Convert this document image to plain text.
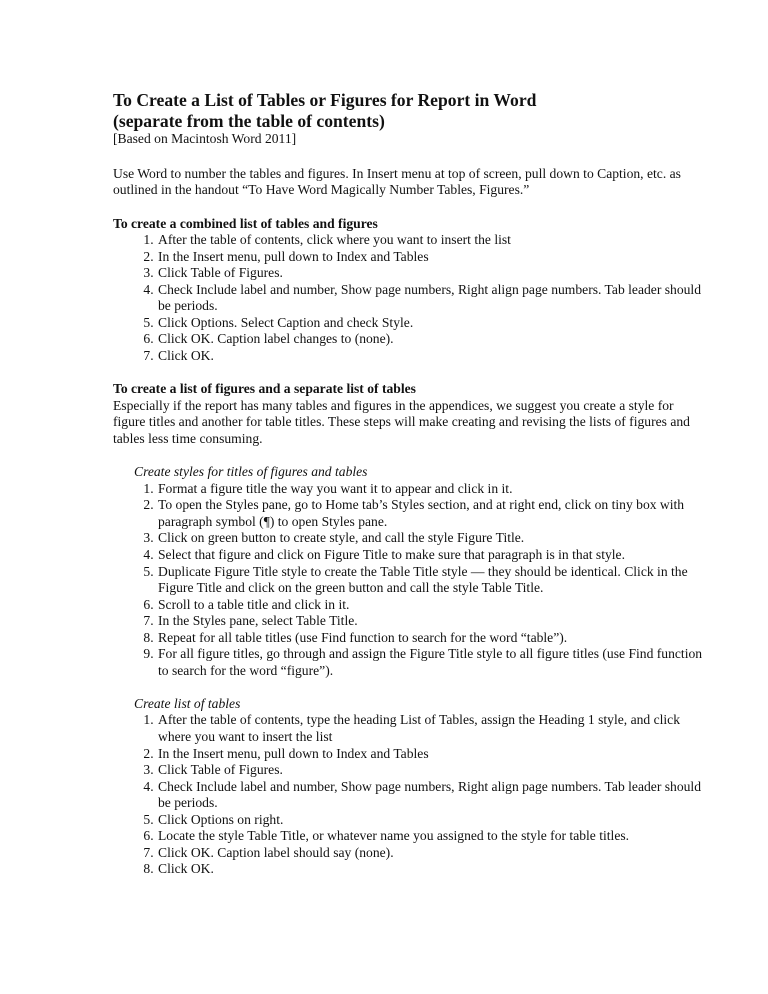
To Create a List of Tables or Figures for Report in Word
(separate from the table of contents)
[Based on Macintosh Word 2011]

Use Word to number the tables and figures. In Insert menu at top of screen, pull down to Caption, etc. as outlined in the handout “To Have Word Magically Number Tables, Figures.”

To create a combined list of tables and figures
1. After the table of contents, click where you want to insert the list
2. In the Insert menu, pull down to Index and Tables
3. Click Table of Figures.
4. Check Include label and number, Show page numbers, Right align page numbers. Tab leader should be periods.
5. Click Options. Select Caption and check Style.
6. Click OK. Caption label changes to (none).
7. Click OK.
To create a list of figures and a separate list of tables

Especially if the report has many tables and figures in the appendices, we suggest you create a style for figure titles and another for table titles. These steps will make creating and revising the lists of figures and tables less time consuming.

Create styles for titles of figures and tables
1. Format a figure title the way you want it to appear and click in it.
2. To open the Styles pane, go to Home tab’s Styles section, and at right end, click on tiny box with paragraph symbol (¶) to open Styles pane.
3. Click on green button to create style, and call the style Figure Title.
4. Select that figure and click on Figure Title to make sure that paragraph is in that style.
5. Duplicate Figure Title style to create the Table Title style — they should be identical. Click in the Figure Title and click on the green button and call the style Table Title.
6. Scroll to a table title and click in it.
7. In the Styles pane, select Table Title.
8. Repeat for all table titles (use Find function to search for the word “table”).
9. For all figure titles, go through and assign the Figure Title style to all figure titles (use Find function to search for the word “figure”).
Create list of tables
1. After the table of contents, type the heading List of Tables, assign the Heading 1 style, and click where you want to insert the list
2. In the Insert menu, pull down to Index and Tables
3. Click Table of Figures.
4. Check Include label and number, Show page numbers, Right align page numbers. Tab leader should be periods.
5. Click Options on right.
6. Locate the style Table Title, or whatever name you assigned to the style for table titles.
7. Click OK. Caption label should say (none).
8. Click OK.
